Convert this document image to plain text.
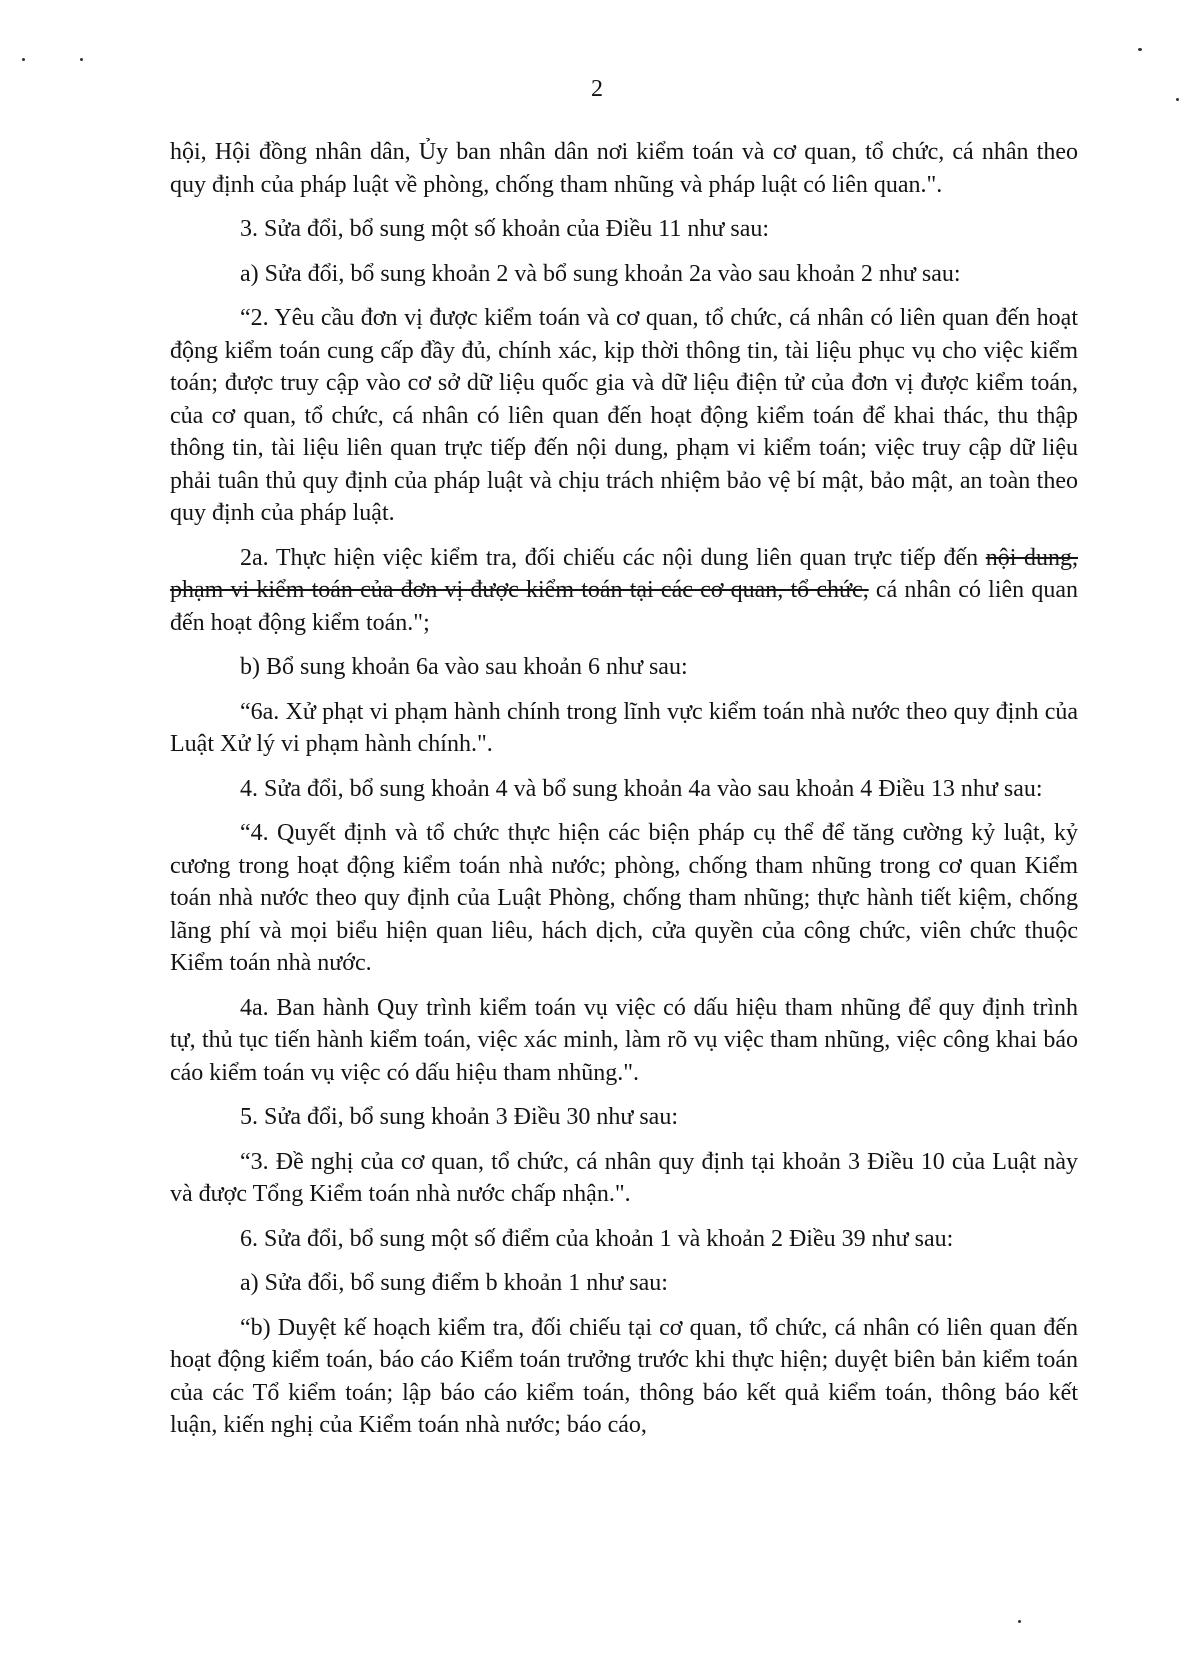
2

hội, Hội đồng nhân dân, Ủy ban nhân dân nơi kiểm toán và cơ quan, tổ chức, cá nhân theo quy định của pháp luật về phòng, chống tham nhũng và pháp luật có liên quan.".

3. Sửa đổi, bổ sung một số khoản của Điều 11 như sau:

a) Sửa đổi, bổ sung khoản 2 và bổ sung khoản 2a vào sau khoản 2 như sau:

“2. Yêu cầu đơn vị được kiểm toán và cơ quan, tổ chức, cá nhân có liên quan đến hoạt động kiểm toán cung cấp đầy đủ, chính xác, kịp thời thông tin, tài liệu phục vụ cho việc kiểm toán; được truy cập vào cơ sở dữ liệu quốc gia và dữ liệu điện tử của đơn vị được kiểm toán, của cơ quan, tổ chức, cá nhân có liên quan đến hoạt động kiểm toán để khai thác, thu thập thông tin, tài liệu liên quan trực tiếp đến nội dung, phạm vi kiểm toán; việc truy cập dữ liệu phải tuân thủ quy định của pháp luật và chịu trách nhiệm bảo vệ bí mật, bảo mật, an toàn theo quy định của pháp luật.

2a. Thực hiện việc kiểm tra, đối chiếu các nội dung liên quan trực tiếp đến nội dung, phạm vi kiểm toán của đơn vị được kiểm toán tại các cơ quan, tổ chức, cá nhân có liên quan đến hoạt động kiểm toán.";

b) Bổ sung khoản 6a vào sau khoản 6 như sau:

“6a. Xử phạt vi phạm hành chính trong lĩnh vực kiểm toán nhà nước theo quy định của Luật Xử lý vi phạm hành chính.".

4. Sửa đổi, bổ sung khoản 4 và bổ sung khoản 4a vào sau khoản 4 Điều 13 như sau:

“4. Quyết định và tổ chức thực hiện các biện pháp cụ thể để tăng cường kỷ luật, kỷ cương trong hoạt động kiểm toán nhà nước; phòng, chống tham nhũng trong cơ quan Kiểm toán nhà nước theo quy định của Luật Phòng, chống tham nhũng; thực hành tiết kiệm, chống lãng phí và mọi biểu hiện quan liêu, hách dịch, cửa quyền của công chức, viên chức thuộc Kiểm toán nhà nước.

4a. Ban hành Quy trình kiểm toán vụ việc có dấu hiệu tham nhũng để quy định trình tự, thủ tục tiến hành kiểm toán, việc xác minh, làm rõ vụ việc tham nhũng, việc công khai báo cáo kiểm toán vụ việc có dấu hiệu tham nhũng.".

5. Sửa đổi, bổ sung khoản 3 Điều 30 như sau:

“3. Đề nghị của cơ quan, tổ chức, cá nhân quy định tại khoản 3 Điều 10 của Luật này và được Tổng Kiểm toán nhà nước chấp nhận.".

6. Sửa đổi, bổ sung một số điểm của khoản 1 và khoản 2 Điều 39 như sau:

a) Sửa đổi, bổ sung điểm b khoản 1 như sau:

“b) Duyệt kế hoạch kiểm tra, đối chiếu tại cơ quan, tổ chức, cá nhân có liên quan đến hoạt động kiểm toán, báo cáo Kiểm toán trưởng trước khi thực hiện; duyệt biên bản kiểm toán của các Tổ kiểm toán; lập báo cáo kiểm toán, thông báo kết quả kiểm toán, thông báo kết luận, kiến nghị của Kiểm toán nhà nước; báo cáo,
